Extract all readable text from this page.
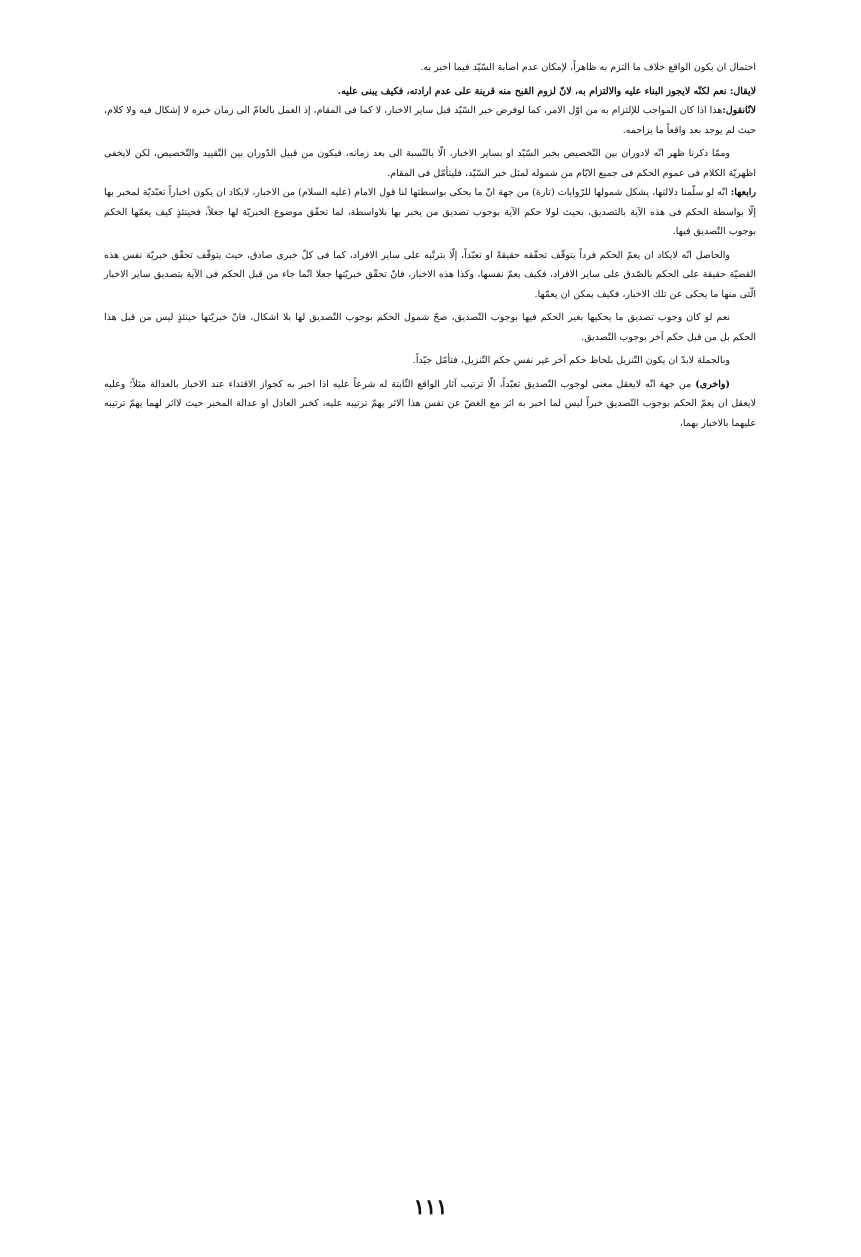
احتمال ان يكون الواقع خلاف ما التزم به ظاهراً، لإمكان عدم اصابة السّيّد فيما اخبر به.

لايقال: نعم لكنّه لايجوز البناء عليه والالتزام به، لانّ لزوم القبح منه قرينة على عدم ارادته، فكيف يبنى عليه.

لانّانقول:هذا اذا كان المواجب للإلتزام به من اوّل الامر، كما لوفرض خبر السّيّد قبل ساير الاخبار، لا كما فى المقام، إذ العمل بالعامّ الى زمان خبره لا إشكال فيه ولا كلام، حيث لم يوجد بعد واقعاً ما يزاحمه.

وممّا ذكرنا ظهر انّه لادوران بين التّخصيص بخبر السّيّد او بساير الاخبار، الّا بالنّسبة الى بعد زمانه، فيكون من قبيل الدّوران بين التّقييد والتّخصيص، لكن لايخفى اظهريّة الكلام فى عموم الحكم فى جميع الايّام من شموله لمثل خبر السّيّد، فليتأمّل فى المقام.

رابعها: انّه لو سلّمنا دلالتها، يشكل شمولها للرّوايات (تارة) من جهة انّ ما يحكى بواسطتها لنا قول الامام (عليه السلام) من الاخبار، لايكاد ان يكون اخباراً تعبّديّة لمخبر بها إلّا بواسطة الحكم فى هذه الآية بالتصديق، بحيث لولا حكم الآية بوجوب تصديق من يخبر بها بلاواسطة، لما تحقّق موضوع الخبريّة لها جعلاً، فحينئذٍ كيف يعمّها الحكم بوجوب التّصديق فيها.

والحاصل انّه لايكاد ان يعمّ الحكم فرداً يتوقّف تحقّقه حقيقةً او تعبّداً، إلّا بترتّبه على ساير الافراد، كما فى كلّ خبرى صادق، حيث يتوقّف تحقّق خبريّة نفس هذه القضيّة حقيقة على الحكم بالصّدق على ساير الافراد، فكيف يعمّ نفسها، وكذا هذه الاخبار، فانّ تحقّق خبريّتها جعلا انّما جاء من قبل الحكم فى الآية بتصديق ساير الاخبار الّتى منها ما يحكى عن تلك الاخبار، فكيف يمكن ان يعمّها.

نعم لو كان وجوب تصديق ما يحكيها بغير الحكم فيها بوجوب التّصديق، صحّ شمول الحكم بوجوب التّصديق لها بلا اشكال، فانّ خبريّتها حينئذٍ ليس من قبل هذا الحكم بل من قبل حكم آخر بوجوب التّصديق.

وبالجملة لابدّ ان يكون التّنزيل بلحاظ حكم آخر غير نفس حكم التّنزيل، فتأمّل جيّداً.

(واخرى) من جهة انّه لايعقل معنى لوجوب التّصديق تعبّداً، الّا ترتيب آثار الواقع الثّابتة له شرعاً عليه اذا اخبر به كجواز الاقتداء عند الاخبار بالعدالة مثلاً؛ وعليه لايعقل ان يعمّ الحكم بوجوب التّصديق خبراً ليس لما اخبر به اثر مع الغضّ عن نفس هذا الاثر يهمّ ترتيبه عليه، كخبر العادل او عدالة المخبر حيث لااثر لهما يهمّ ترتيبه عليهما بالاخبار بهما،

١١١
